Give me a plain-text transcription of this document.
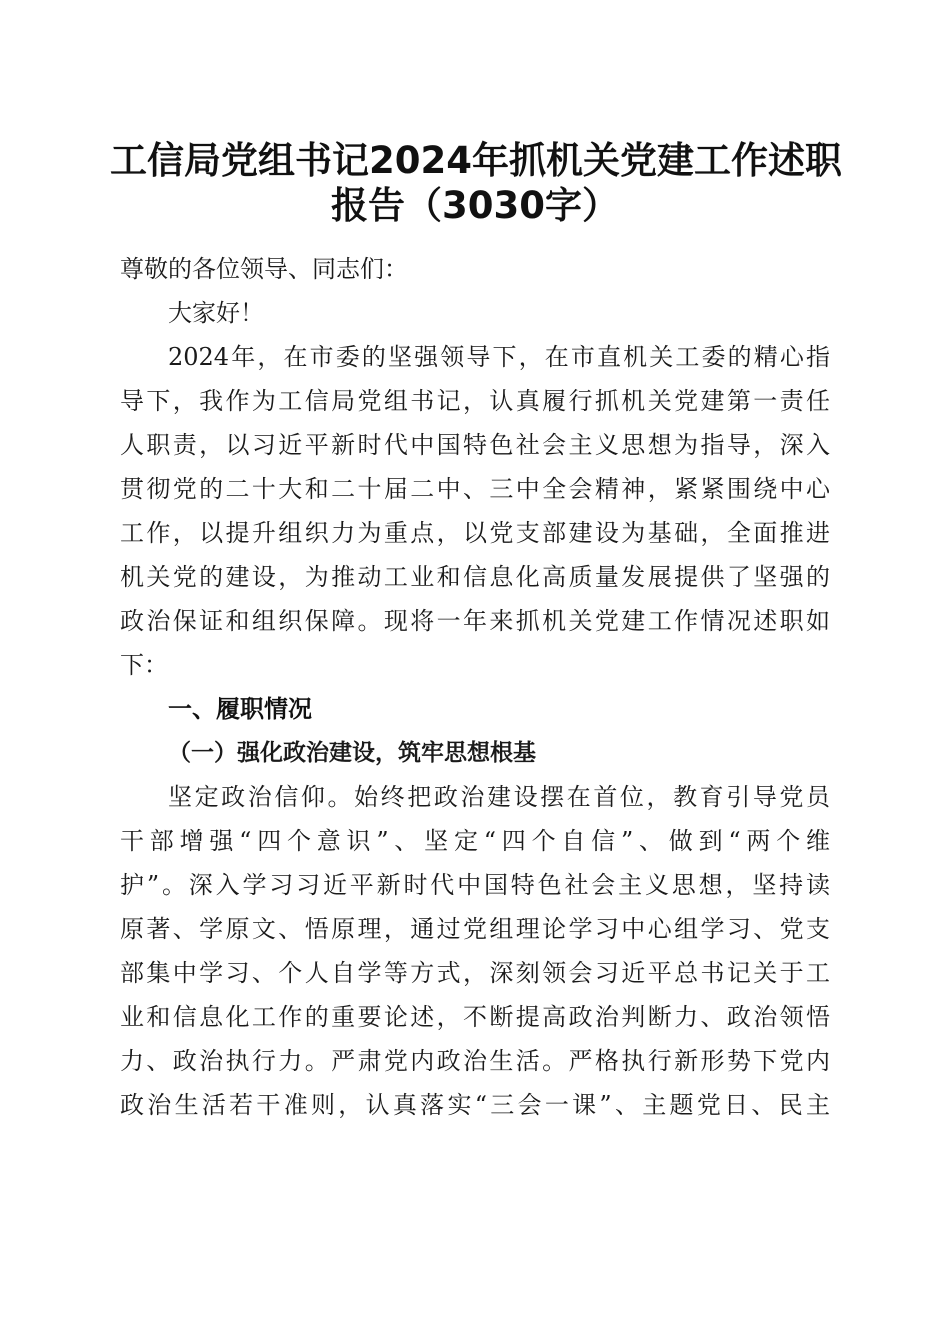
工信局党组书记2024年抓机关党建工作述职
报告（3030字）
尊敬的各位领导、同志们：
大家好！
2024年，在市委的坚强领导下，在市直机关工委的精心指
导下，我作为工信局党组书记，认真履行抓机关党建第一责任
人职责，以习近平新时代中国特色社会主义思想为指导，深入
贯彻党的二十大和二十届二中、三中全会精神，紧紧围绕中心
工作，以提升组织力为重点，以党支部建设为基础，全面推进
机关党的建设，为推动工业和信息化高质量发展提供了坚强的
政治保证和组织保障。现将一年来抓机关党建工作情况述职如
下：
一、履职情况
（一）强化政治建设，筑牢思想根基
坚定政治信仰。始终把政治建设摆在首位，教育引导党员
干部增强“四个意识”、坚定“四个自信”、做到“两个维
护”。深入学习习近平新时代中国特色社会主义思想，坚持读
原著、学原文、悟原理，通过党组理论学习中心组学习、党支
部集中学习、个人自学等方式，深刻领会习近平总书记关于工
业和信息化工作的重要论述，不断提高政治判断力、政治领悟
力、政治执行力。严肃党内政治生活。严格执行新形势下党内
政治生活若干准则，认真落实“三会一课”、主题党日、民主
